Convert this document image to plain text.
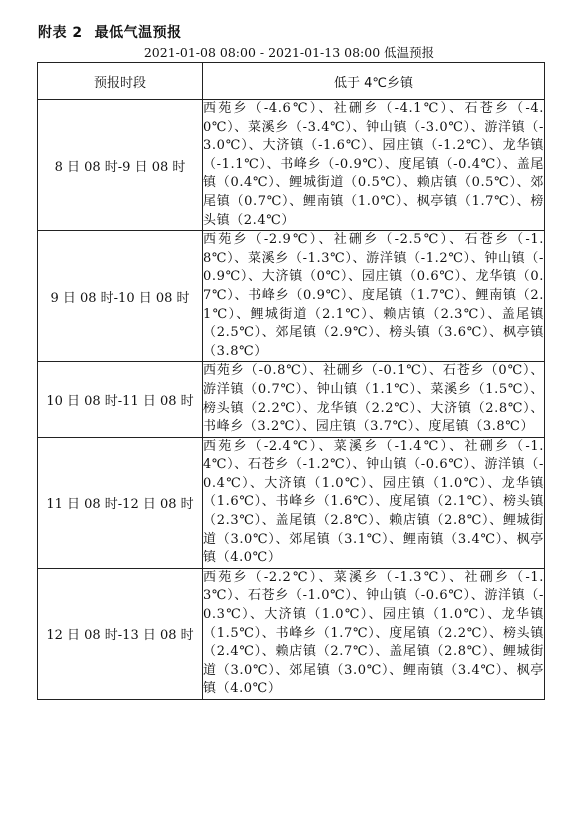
附表 2 最低气温预报
2021-01-08 08:00 - 2021-01-13 08:00 低温预报
预报时段	低于 4℃乡镇
8 日 08 时-9 日 08 时	西苑乡（-4.6℃）、社硎乡（-4.1℃）、石苍乡（-4.0℃）、菜溪乡（-3.4℃）、钟山镇（-3.0℃）、游洋镇（-3.0℃）、大济镇（-1.6℃）、园庄镇（-1.2℃）、龙华镇（-1.1℃）、书峰乡（-0.9℃）、度尾镇（-0.4℃）、盖尾镇（0.4℃）、鲤城街道（0.5℃）、赖店镇（0.5℃）、郊尾镇（0.7℃）、鲤南镇（1.0℃）、枫亭镇（1.7℃）、榜头镇（2.4℃）
9 日 08 时-10 日 08 时	西苑乡（-2.9℃）、社硎乡（-2.5℃）、石苍乡（-1.8℃）、菜溪乡（-1.3℃）、游洋镇（-1.2℃）、钟山镇（-0.9℃）、大济镇（0℃）、园庄镇（0.6℃）、龙华镇（0.7℃）、书峰乡（0.9℃）、度尾镇（1.7℃）、鲤南镇（2.1℃）、鲤城街道（2.1℃）、赖店镇（2.3℃）、盖尾镇（2.5℃）、郊尾镇（2.9℃）、榜头镇（3.6℃）、枫亭镇（3.8℃）
10 日 08 时-11 日 08 时	西苑乡（-0.8℃）、社硎乡（-0.1℃）、石苍乡（0℃）、游洋镇（0.7℃）、钟山镇（1.1℃）、菜溪乡（1.5℃）、榜头镇（2.2℃）、龙华镇（2.2℃）、大济镇（2.8℃）、书峰乡（3.2℃）、园庄镇（3.7℃）、度尾镇（3.8℃）
11 日 08 时-12 日 08 时	西苑乡（-2.4℃）、菜溪乡（-1.4℃）、社硎乡（-1.4℃）、石苍乡（-1.2℃）、钟山镇（-0.6℃）、游洋镇（-0.4℃）、大济镇（1.0℃）、园庄镇（1.0℃）、龙华镇（1.6℃）、书峰乡（1.6℃）、度尾镇（2.1℃）、榜头镇（2.3℃）、盖尾镇（2.8℃）、赖店镇（2.8℃）、鲤城街道（3.0℃）、郊尾镇（3.1℃）、鲤南镇（3.4℃）、枫亭镇（4.0℃）
12 日 08 时-13 日 08 时	西苑乡（-2.2℃）、菜溪乡（-1.3℃）、社硎乡（-1.3℃）、石苍乡（-1.0℃）、钟山镇（-0.6℃）、游洋镇（-0.3℃）、大济镇（1.0℃）、园庄镇（1.0℃）、龙华镇（1.5℃）、书峰乡（1.7℃）、度尾镇（2.2℃）、榜头镇（2.4℃）、赖店镇（2.7℃）、盖尾镇（2.8℃）、鲤城街道（3.0℃）、郊尾镇（3.0℃）、鲤南镇（3.4℃）、枫亭镇（4.0℃）
